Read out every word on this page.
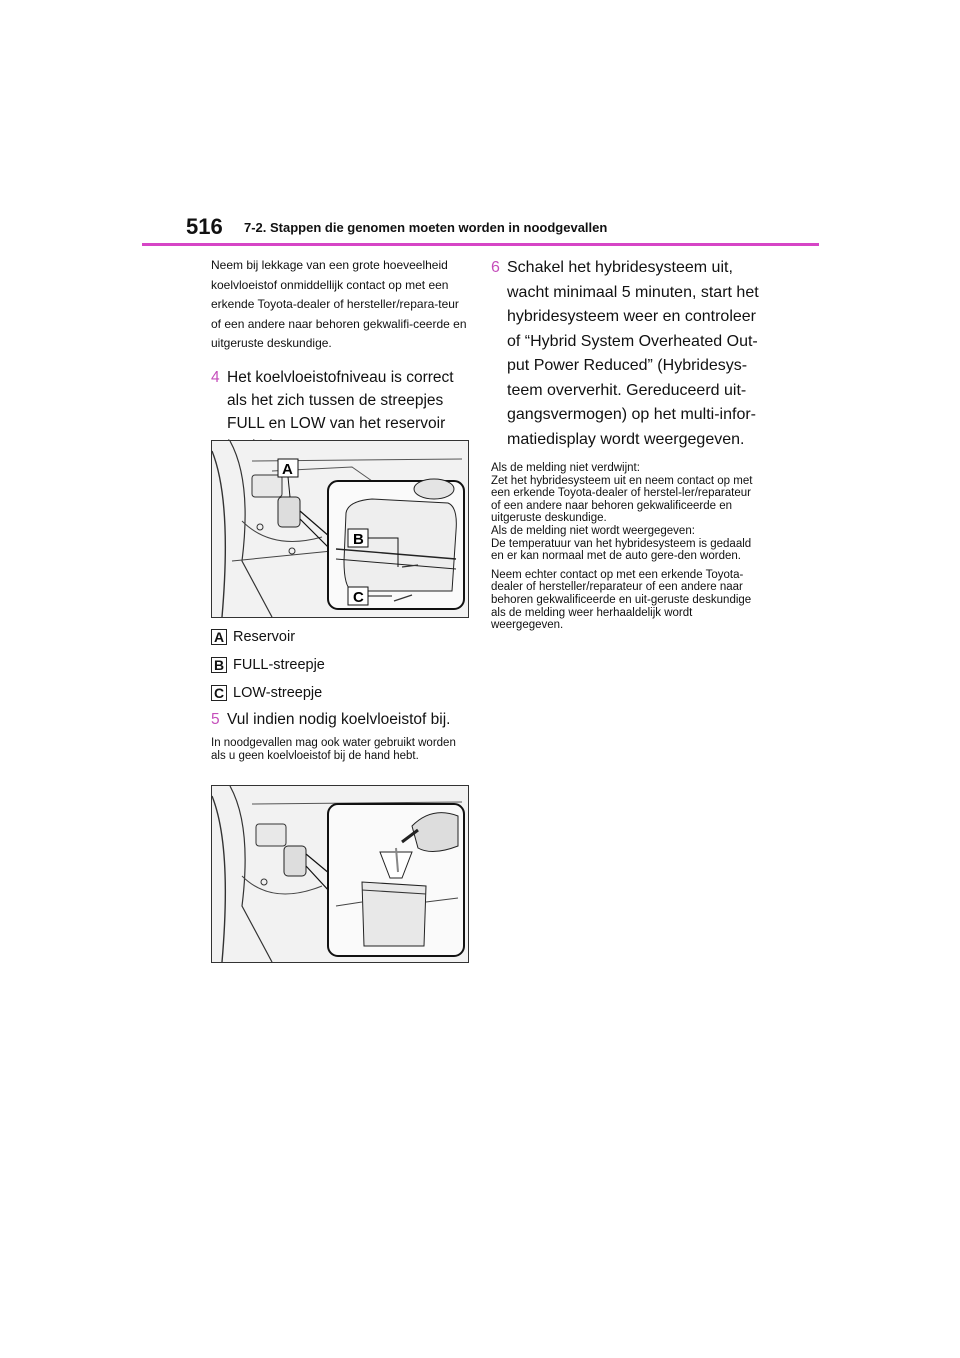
516 7-2. Stappen die genomen moeten worden in noodgevallen

Neem bij lekkage van een grote hoeveelheid koelvloeistof onmiddellijk contact op met een erkende Toyota-dealer of hersteller/repara-teur of een andere naar behoren gekwalifi-ceerde en uitgeruste deskundige.

4 Het koelvloeistofniveau is correct als het zich tussen de streepjes FULL en LOW van het reservoir
A
B
C
A Reservoir
B FULL-streepje
C LOW-streepje
5 Vul indien nodig koelvloeistof bij.

In noodgevallen mag ook water gebruikt worden als u geen koelvloeistof bij de hand hebt.

6 Schakel het hybridesysteem uit, wacht minimaal 5 minuten, start het hybridesysteem weer en controleer of “Hybrid System Overheated Out-put Power Reduced” (Hybridesys-teem oververhit. Gereduceerd uit-gangsvermogen) op het multi-infor-matiedisplay wordt weergegeven.

Als de melding niet verdwijnt:

Zet het hybridesysteem uit en neem contact op met een erkende Toyota-dealer of herstel-ler/reparateur of een andere naar behoren gekwalificeerde en uitgeruste deskundige.

Als de melding niet wordt weergegeven:

De temperatuur van het hybridesysteem is gedaald en er kan normaal met de auto gere-den worden.

Neem echter contact op met een erkende Toyota-dealer of hersteller/reparateur of een andere naar behoren gekwalificeerde en uit-geruste deskundige als de melding weer herhaaldelijk wordt weergegeven.
